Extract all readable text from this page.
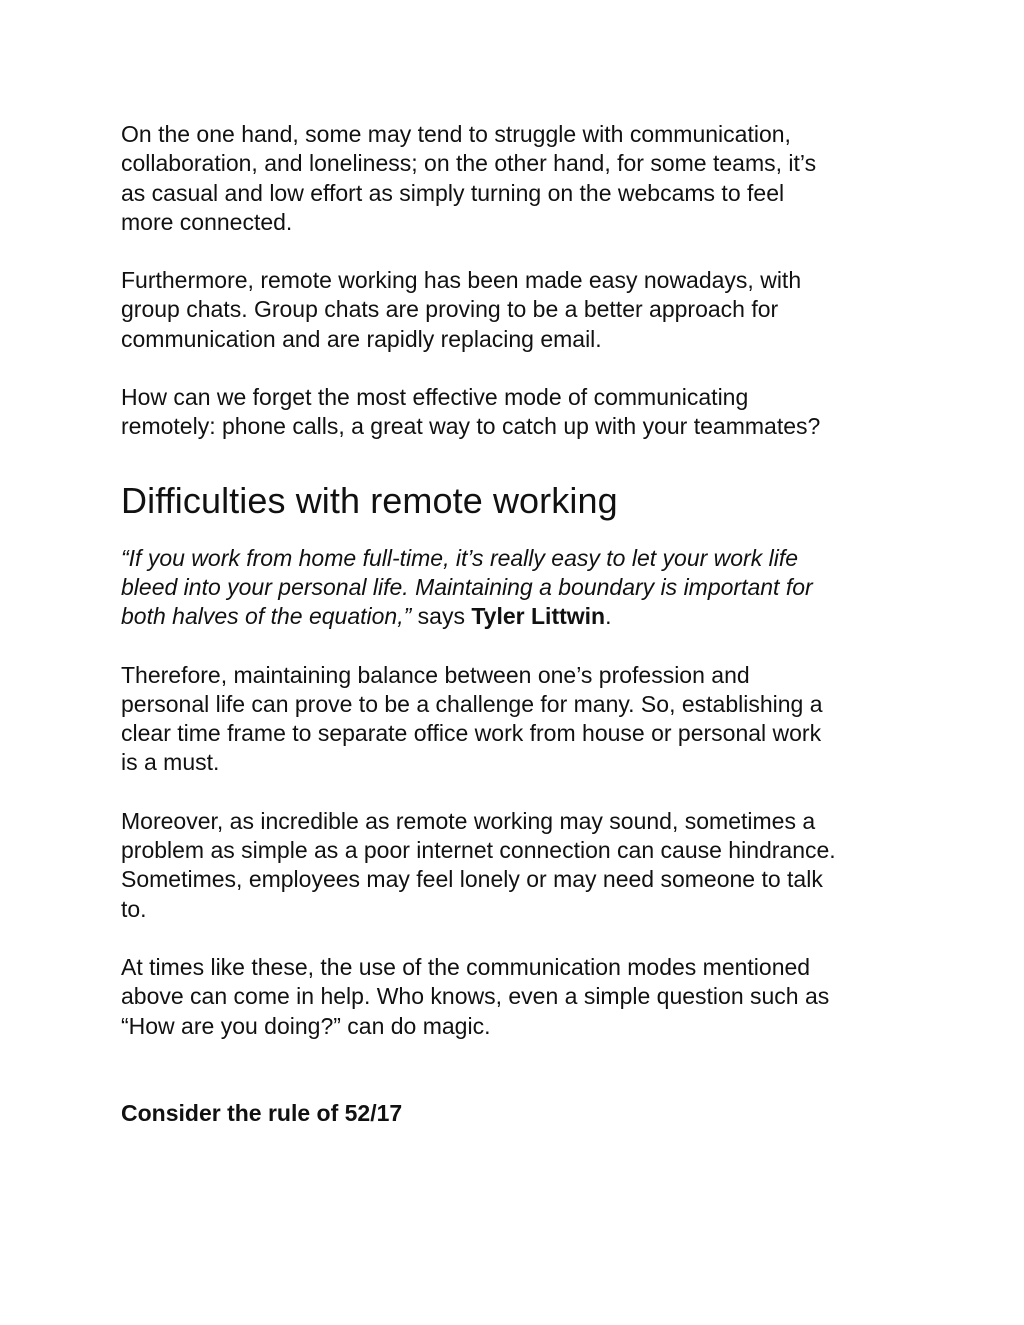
On the one hand, some may tend to struggle with communication,
collaboration, and loneliness; on the other hand, for some teams, it’s
as casual and low effort as simply turning on the webcams to feel
more connected.

Furthermore, remote working has been made easy nowadays, with
group chats. Group chats are proving to be a better approach for
communication and are rapidly replacing email.

How can we forget the most effective mode of communicating
remotely: phone calls, a great way to catch up with your teammates?

Difficulties with remote working

“If you work from home full-time, it’s really easy to let your work life
bleed into your personal life. Maintaining a boundary is important for
both halves of the equation,” says Tyler Littwin.

Therefore, maintaining balance between one’s profession and
personal life can prove to be a challenge for many. So, establishing a
clear time frame to separate office work from house or personal work
is a must.

Moreover, as incredible as remote working may sound, sometimes a
problem as simple as a poor internet connection can cause hindrance.
Sometimes, employees may feel lonely or may need someone to talk
to.

At times like these, the use of the communication modes mentioned
above can come in help. Who knows, even a simple question such as
“How are you doing?” can do magic.

Consider the rule of 52/17
